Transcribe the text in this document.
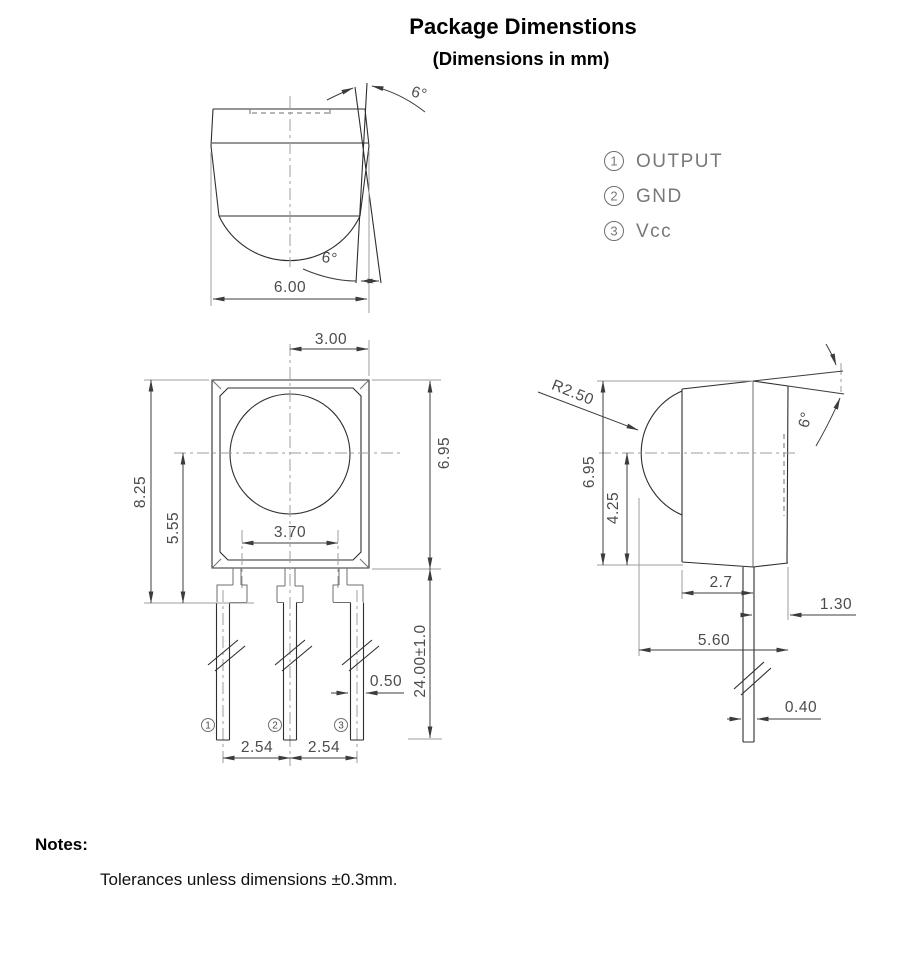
Package Dimenstions
(Dimensions in mm)
1 OUTPUT
2 GND
3 Vcc
6.00
6°
6°
3.00
8.25
5.55	3.70
6.95
24.00±1.0
0.50
2.54 2.54
1	2	3
R2.50
6.95
4.25
2.7
1.30
5.60
0.40
6°
Notes:
Tolerances unless dimensions ±0.3mm.
